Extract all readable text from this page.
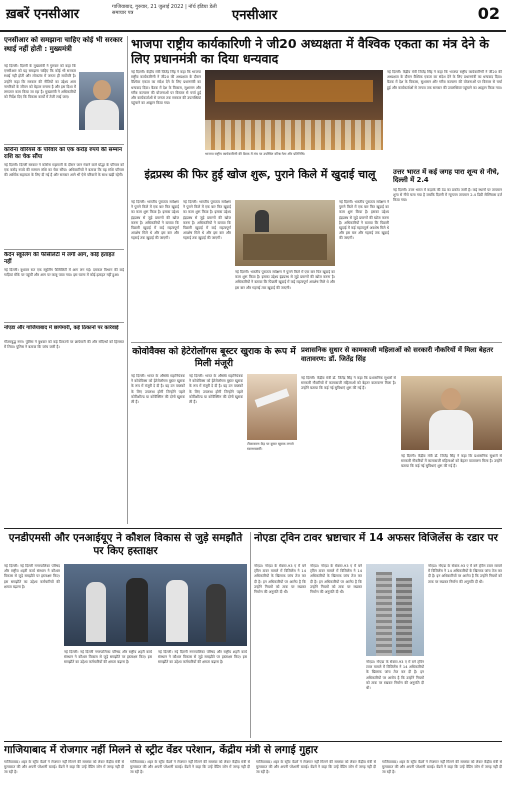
ख़बरें एनसीआर	गाजियाबाद, गुरुवार, 21 जुलाई 2022 | नॉर्थ इंडिया डेली समाचार पत्र	एनसीआर	02
एनसीआर को समझाना चाहिए कोई भी सरकार स्थाई नहीं होती : मुख्यमंत्री
नई दिल्ली। दिल्ली के मुख्यमंत्री ने गुरुवार को कहा कि एनसीआर को यह समझना चाहिए कि कोई भी सरकार स्थाई नहीं होती और लोकतंत्र में जनता ही सर्वोपरि है। उन्होंने कहा कि सरकार की नीतियों का उद्देश्य आम नागरिकों के जीवन को बेहतर बनाना है और इस दिशा में लगातार काम किया जा रहा है। मुख्यमंत्री ने अधिकारियों को निर्देश दिए कि विकास कार्यों में तेजी लाई जाए।
कोरोना वॉरियर्स के परिवार को एक करोड़ रुपये की सम्मान राशि का चेक सौंपा
नई दिल्ली। दिल्ली सरकार ने कोरोना महामारी के दौरान जान गंवाने वाले योद्धा के परिवार को एक करोड़ रुपये की सम्मान राशि का चेक सौंपा। अधिकारियों ने बताया कि यह राशि परिवार की आर्थिक सहायता के लिए दी गई है और सरकार आगे भी ऐसे परिवारों के साथ खड़ी रहेगी।
कैदेन स्कूलिंग की फैसिलिटी में लगी आग, कोई हताहत नहीं
नई दिल्ली। बुधवार रात एक स्कूलिंग फैसिलिटी में आग लग गई। दमकल विभाग की कई गाड़ियां मौके पर पहुंचीं और आग पर काबू पाया गया। इस घटना में कोई हताहत नहीं हुआ।
नोएडा और गाजियाबाद में छापेमारी, कई ठिकानों पर कार्रवाई
गौतमबुद्ध नगर। पुलिस ने बुधवार को कई ठिकानों पर छापेमारी की और संदिग्धों को हिरासत में लिया। पुलिस ने बताया कि जांच जारी है।
भाजपा राष्ट्रीय कार्यकारिणी ने जी20 अध्यक्षता में वैश्विक एकता का मंत्र देने के लिए प्रधानमंत्री का दिया धन्यवाद
नई दिल्ली। केंद्रीय मंत्री जितेंद्र सिंह ने कहा कि भाजपा राष्ट्रीय कार्यकारिणी ने जी20 की अध्यक्षता के दौरान वैश्विक एकता का संदेश देने के लिए प्रधानमंत्री का धन्यवाद दिया। बैठक में देश के विकास, सुशासन और गरीब कल्याण की योजनाओं पर विस्तार से चर्चा हुई और कार्यकर्ताओं से जनता तक सरकार की उपलब्धियां पहुंचाने का आह्वान किया गया।
भाजपा राष्ट्रीय कार्यकारिणी की बैठक में मंच पर उपस्थित वरिष्ठ नेता और प्रतिनिधि।
नई दिल्ली। केंद्रीय मंत्री जितेंद्र सिंह ने कहा कि भाजपा राष्ट्रीय कार्यकारिणी ने जी20 की अध्यक्षता के दौरान वैश्विक एकता का संदेश देने के लिए प्रधानमंत्री का धन्यवाद दिया। बैठक में देश के विकास, सुशासन और गरीब कल्याण की योजनाओं पर विस्तार से चर्चा हुई और कार्यकर्ताओं से जनता तक सरकार की उपलब्धियां पहुंचाने का आह्वान किया गया।
इंद्रप्रस्थ की फिर हुई खोज शुरू, पुराने किले में खुदाई चालू
नई दिल्ली। भारतीय पुरातत्व सर्वेक्षण ने पुराने किले में एक बार फिर खुदाई का काम शुरू किया है। इसका उद्देश्य इंद्रप्रस्थ से जुड़े प्रमाणों की खोज करना है। अधिकारियों ने बताया कि पिछली खुदाई में कई महत्वपूर्ण अवशेष मिले थे और इस बार और गहराई तक खुदाई की जाएगी।
नई दिल्ली। भारतीय पुरातत्व सर्वेक्षण ने पुराने किले में एक बार फिर खुदाई का काम शुरू किया है। इसका उद्देश्य इंद्रप्रस्थ से जुड़े प्रमाणों की खोज करना है। अधिकारियों ने बताया कि पिछली खुदाई में कई महत्वपूर्ण अवशेष मिले थे और इस बार और गहराई तक खुदाई की जाएगी।
नई दिल्ली। भारतीय पुरातत्व सर्वेक्षण ने पुराने किले में एक बार फिर खुदाई का काम शुरू किया है। इसका उद्देश्य इंद्रप्रस्थ से जुड़े प्रमाणों की खोज करना है। अधिकारियों ने बताया कि पिछली खुदाई में कई महत्वपूर्ण अवशेष मिले थे और इस बार और गहराई तक खुदाई की जाएगी।
नई दिल्ली। भारतीय पुरातत्व सर्वेक्षण ने पुराने किले में एक बार फिर खुदाई का काम शुरू किया है। इसका उद्देश्य इंद्रप्रस्थ से जुड़े प्रमाणों की खोज करना है। अधिकारियों ने बताया कि पिछली खुदाई में कई महत्वपूर्ण अवशेष मिले थे और इस बार और गहराई तक खुदाई की जाएगी।
उत्तर भारत में कई जगह पारा शून्य से नीचे, दिल्ली में 2.4
नई दिल्ली। उत्तर भारत में कड़ाके की ठंड का प्रकोप जारी है। कई स्थानों पर तापमान शून्य से नीचे चला गया है जबकि दिल्ली में न्यूनतम तापमान 2.4 डिग्री सेल्सियस दर्ज किया गया।
कोवोवैक्स को हेटेरोलॉगस बूस्टर खुराक के रूप में मिली मंजूरी
नई दिल्ली। भारत के औषधि महानियंत्रक ने कोवोवैक्स को हेटेरोलॉगस बूस्टर खुराक के रूप में मंजूरी दे दी है। यह उन वयस्कों के लिए उपलब्ध होगी जिन्होंने पहले कोविशील्ड या कोवैक्सिन की दोनों खुराक ली हैं।
नई दिल्ली। भारत के औषधि महानियंत्रक ने कोवोवैक्स को हेटेरोलॉगस बूस्टर खुराक के रूप में मंजूरी दे दी है। यह उन वयस्कों के लिए उपलब्ध होगी जिन्होंने पहले कोविशील्ड या कोवैक्सिन की दोनों खुराक ली हैं।
टीकाकरण केंद्र पर बूस्टर खुराक लगाते स्वास्थ्यकर्मी।
प्रशासनिक सुधार से कामकाजी महिलाओं को सरकारी नौकरियों में मिला बेहतर वातावरण: डॉ. जितेंद्र सिंह
नई दिल्ली। केंद्रीय मंत्री डॉ. जितेंद्र सिंह ने कहा कि प्रशासनिक सुधारों से सरकारी नौकरियों में कामकाजी महिलाओं को बेहतर वातावरण मिला है। उन्होंने बताया कि कई नई सुविधाएं शुरू की गई हैं।
नई दिल्ली। केंद्रीय मंत्री डॉ. जितेंद्र सिंह ने कहा कि प्रशासनिक सुधारों से सरकारी नौकरियों में कामकाजी महिलाओं को बेहतर वातावरण मिला है। उन्होंने बताया कि कई नई सुविधाएं शुरू की गई हैं।
एनडीएमसी और एनआईयूए ने कौशल विकास से जुड़े समझौते पर किए हस्ताक्षर
नई दिल्ली। नई दिल्ली नगरपालिका परिषद और राष्ट्रीय शहरी कार्य संस्थान ने कौशल विकास से जुड़े समझौते पर हस्ताक्षर किए। इस समझौते का उद्देश्य कर्मचारियों की क्षमता बढ़ाना है।
नई दिल्ली। नई दिल्ली नगरपालिका परिषद और राष्ट्रीय शहरी कार्य संस्थान ने कौशल विकास से जुड़े समझौते पर हस्ताक्षर किए। इस समझौते का उद्देश्य कर्मचारियों की क्षमता बढ़ाना है।
नई दिल्ली। नई दिल्ली नगरपालिका परिषद और राष्ट्रीय शहरी कार्य संस्थान ने कौशल विकास से जुड़े समझौते पर हस्ताक्षर किए। इस समझौते का उद्देश्य कर्मचारियों की क्षमता बढ़ाना है।
नोएडा ट्विन टावर भ्रष्टाचार में 14 अफसर विजिलेंस के रडार पर
नोएडा। नोएडा के सेक्टर-93 ए में बने ट्विन टावर मामले में विजिलेंस ने 14 अधिकारियों के खिलाफ जांच तेज कर दी है। इन अधिकारियों पर आरोप है कि उन्होंने नियमों को ताक पर रखकर निर्माण की अनुमति दी थी।
नोएडा। नोएडा के सेक्टर-93 ए में बने ट्विन टावर मामले में विजिलेंस ने 14 अधिकारियों के खिलाफ जांच तेज कर दी है। इन अधिकारियों पर आरोप है कि उन्होंने नियमों को ताक पर रखकर निर्माण की अनुमति दी थी।
नोएडा। नोएडा के सेक्टर-93 ए में बने ट्विन टावर मामले में विजिलेंस ने 14 अधिकारियों के खिलाफ जांच तेज कर दी है। इन अधिकारियों पर आरोप है कि उन्होंने नियमों को ताक पर रखकर निर्माण की अनुमति दी थी।
नोएडा। नोएडा के सेक्टर-93 ए में बने ट्विन टावर मामले में विजिलेंस ने 14 अधिकारियों के खिलाफ जांच तेज कर दी है। इन अधिकारियों पर आरोप है कि उन्होंने नियमों को ताक पर रखकर निर्माण की अनुमति दी थी।
गाजियाबाद में रोजगार नहीं मिलने से स्ट्रीट वेंडर परेशान, केंद्रीय मंत्री से लगाई गुहार
गाजियाबाद। शहर के स्ट्रीट वेंडरों ने रोजगार नहीं मिलने की समस्या को लेकर केंद्रीय मंत्री से मुलाकात की और अपनी परेशानी बताई। वेंडरों ने कहा कि उन्हें वेंडिंग जोन में जगह नहीं दी जा रही है।
गाजियाबाद। शहर के स्ट्रीट वेंडरों ने रोजगार नहीं मिलने की समस्या को लेकर केंद्रीय मंत्री से मुलाकात की और अपनी परेशानी बताई। वेंडरों ने कहा कि उन्हें वेंडिंग जोन में जगह नहीं दी जा रही है।
गाजियाबाद। शहर के स्ट्रीट वेंडरों ने रोजगार नहीं मिलने की समस्या को लेकर केंद्रीय मंत्री से मुलाकात की और अपनी परेशानी बताई। वेंडरों ने कहा कि उन्हें वेंडिंग जोन में जगह नहीं दी जा रही है।
गाजियाबाद। शहर के स्ट्रीट वेंडरों ने रोजगार नहीं मिलने की समस्या को लेकर केंद्रीय मंत्री से मुलाकात की और अपनी परेशानी बताई। वेंडरों ने कहा कि उन्हें वेंडिंग जोन में जगह नहीं दी जा रही है।
